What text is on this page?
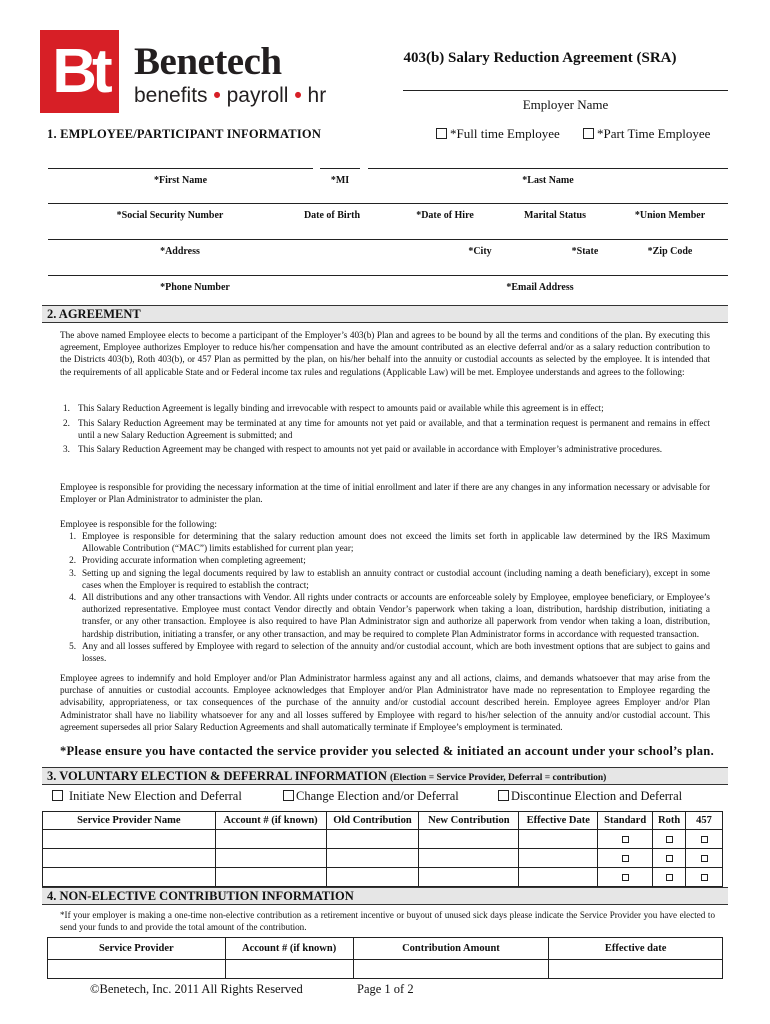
Bt Benetech
benefits • payroll • hr
403(b) Salary Reduction Agreement (SRA)
Employer Name
1. EMPLOYEE/PARTICIPANT INFORMATION	*Full time Employee	*Part Time Employee
*First Name	*MI	*Last Name
*Social Security Number	Date of Birth	*Date of Hire	Marital Status	*Union Member
*Address	*City	*State	*Zip Code
*Phone Number	*Email Address
2. AGREEMENT
The above named Employee elects to become a participant of the Employer’s 403(b) Plan and agrees to be bound by all the terms and conditions of the plan. By executing this agreement, Employee authorizes Employer to reduce his/her compensation and have the amount contributed as an elective deferral and/or as a salary reduction contribution to the Districts 403(b), Roth 403(b), or 457 Plan as permitted by the plan, on his/her behalf into the annuity or custodial accounts as selected by the employee. It is intended that the requirements of all applicable State and or Federal income tax rules and regulations (Applicable Law) will be met. Employee understands and agrees to the following:
1. This Salary Reduction Agreement is legally binding and irrevocable with respect to amounts paid or available while this agreement is in effect;
2. This Salary Reduction Agreement may be terminated at any time for amounts not yet paid or available, and that a termination request is permanent and remains in effect until a new Salary Reduction Agreement is submitted; and
3. This Salary Reduction Agreement may be changed with respect to amounts not yet paid or available in accordance with Employer’s administrative procedures.
Employee is responsible for providing the necessary information at the time of initial enrollment and later if there are any changes in any information necessary or advisable for Employer or Plan Administrator to administer the plan.
Employee is responsible for the following:
1. Employee is responsible for determining that the salary reduction amount does not exceed the limits set forth in applicable law determined by the IRS Maximum Allowable Contribution (“MAC”) limits established for current plan year;
2. Providing accurate information when completing agreement;
3. Setting up and signing the legal documents required by law to establish an annuity contract or custodial account (including naming a death beneficiary), except in some cases when the Employer is required to establish the contract;
4. All distributions and any other transactions with Vendor. All rights under contracts or accounts are enforceable solely by Employee, employee beneficiary, or Employee’s authorized representative. Employee must contact Vendor directly and obtain Vendor’s paperwork when taking a loan, distribution, hardship distribution, initiating a transfer, or any other transaction. Employee is also required to have Plan Administrator sign and authorize all paperwork from vendor when taking a loan, distribution, hardship distribution, initiating a transfer, or any other transaction, and may be required to complete Plan Administrator forms in accordance with requested transaction.
5. Any and all losses suffered by Employee with regard to selection of the annuity and/or custodial account, which are both investment options that are subject to gains and losses.
Employee agrees to indemnify and hold Employer and/or Plan Administrator harmless against any and all actions, claims, and demands whatsoever that may arise from the purchase of annuities or custodial accounts. Employee acknowledges that Employer and/or Plan Administrator have made no representation to Employee regarding the advisability, appropriateness, or tax consequences of the purchase of the annuity and/or custodial account described herein. Employee agrees Employer and/or Plan Administrator shall have no liability whatsoever for any and all losses suffered by Employee with regard to his/her selection of the annuity and/or custodial account. This agreement supersedes all prior Salary Reduction Agreements and shall automatically terminate if Employee’s employment is terminated.
*Please ensure you have contacted the service provider you selected & initiated an account under your school’s plan.
3. VOLUNTARY ELECTION & DEFERRAL INFORMATION (Election = Service Provider, Deferral = contribution)
Initiate New Election and Deferral	Change Election and/or Deferral	Discontinue Election and Deferral
Service Provider Name	Account # (if known)	Old Contribution	New Contribution	Effective Date	Standard	Roth	457

4. NON-ELECTIVE CONTRIBUTION INFORMATION
*If your employer is making a one-time non-elective contribution as a retirement incentive or buyout of unused sick days please indicate the Service Provider you have elected to send your funds to and provide the total amount of the contribution.
Service Provider	Account # (if known)	Contribution Amount	Effective date

©Benetech, Inc. 2011 All Rights Reserved	Page 1 of 2
